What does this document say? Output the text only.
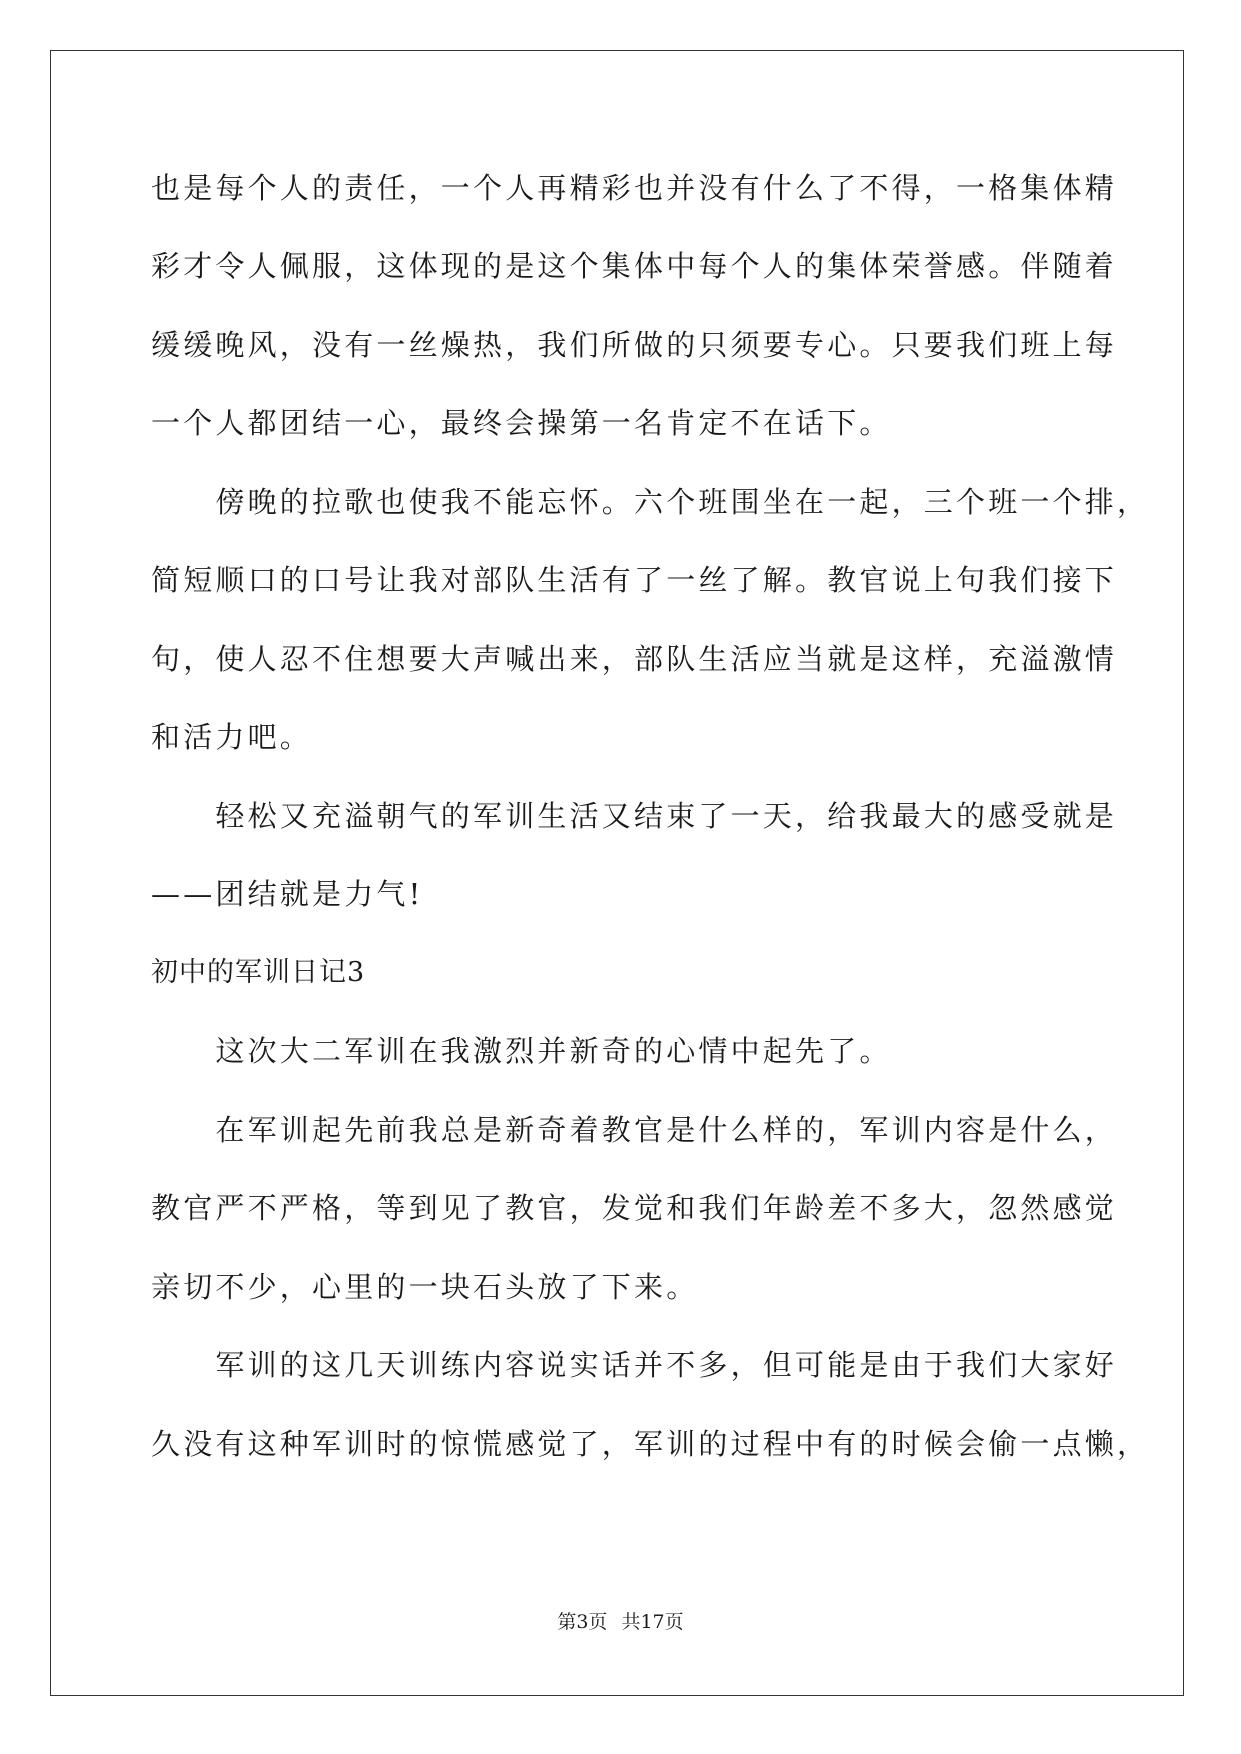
也是每个人的责任，一个人再精彩也并没有什么了不得，一格集体精
彩才令人佩服，这体现的是这个集体中每个人的集体荣誉感。伴随着
缓缓晚风，没有一丝燥热，我们所做的只须要专心。只要我们班上每
一个人都团结一心，最终会操第一名肯定不在话下。
　　傍晚的拉歌也使我不能忘怀。六个班围坐在一起，三个班一个排，
简短顺口的口号让我对部队生活有了一丝了解。教官说上句我们接下
句，使人忍不住想要大声喊出来，部队生活应当就是这样，充溢激情
和活力吧。
　　轻松又充溢朝气的军训生活又结束了一天，给我最大的感受就是
——团结就是力气!
初中的军训日记3
　　这次大二军训在我激烈并新奇的心情中起先了。
　　在军训起先前我总是新奇着教官是什么样的，军训内容是什么，
教官严不严格，等到见了教官，发觉和我们年龄差不多大，忽然感觉
亲切不少，心里的一块石头放了下来。
　　军训的这几天训练内容说实话并不多，但可能是由于我们大家好
久没有这种军训时的惊慌感觉了，军训的过程中有的时候会偷一点懒，
第3页 共17页
